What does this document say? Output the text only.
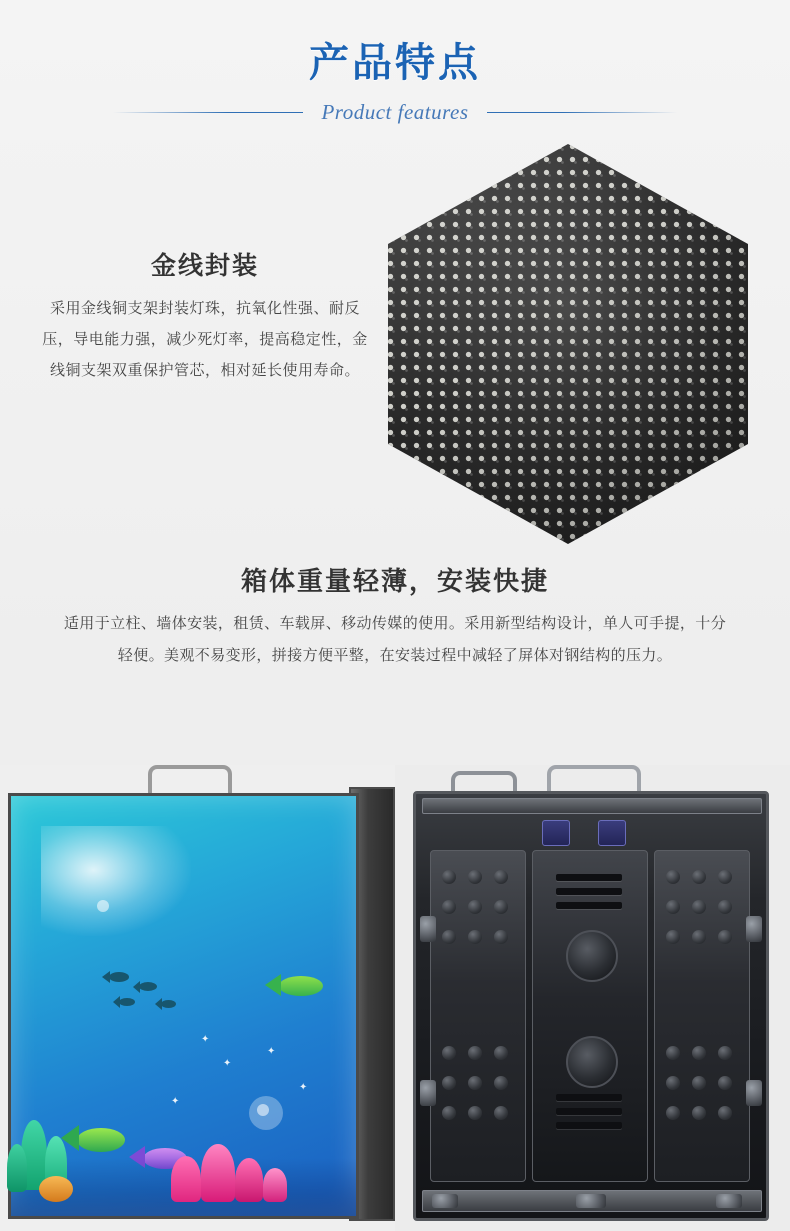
产品特点
Product features
金线封装

采用金线铜支架封装灯珠，抗氧化性强、耐反压，导电能力强，减少死灯率，提高稳定性，金线铜支架双重保护管芯，相对延长使用寿命。

箱体重量轻薄，安装快捷

适用于立柱、墙体安装，租赁、车载屏、移动传媒的使用。采用新型结构设计，单人可手提，十分轻便。美观不易变形，拼接方便平整，在安装过程中减轻了屏体对钢结构的压力。

✦
✦
✦
✦
✦
